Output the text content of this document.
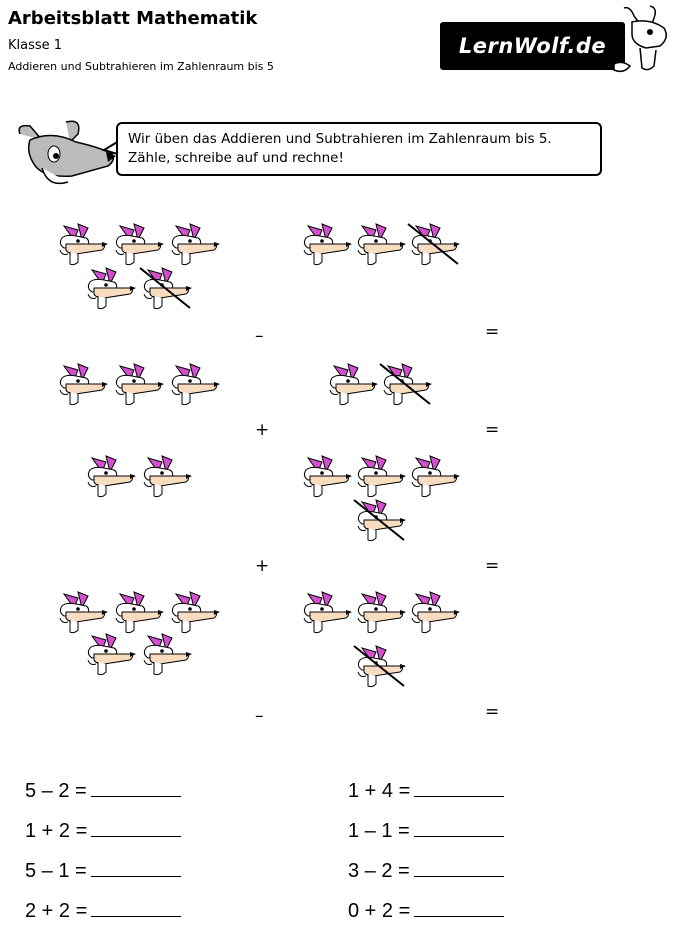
Arbeitsblatt Mathematik
Klasse 1
Addieren und Subtrahieren im Zahlenraum bis 5
LernWolf.de
Wir üben das Addieren und Subtrahieren im Zahlenraum bis 5.
Zähle, schreibe auf und rechne!
–	=
+	=
+	=
–	=
5 – 2 =
1 + 2 =
5 – 1 =
2 + 2 =
1 + 4 =
1 – 1 =
3 – 2 =
0 + 2 =
